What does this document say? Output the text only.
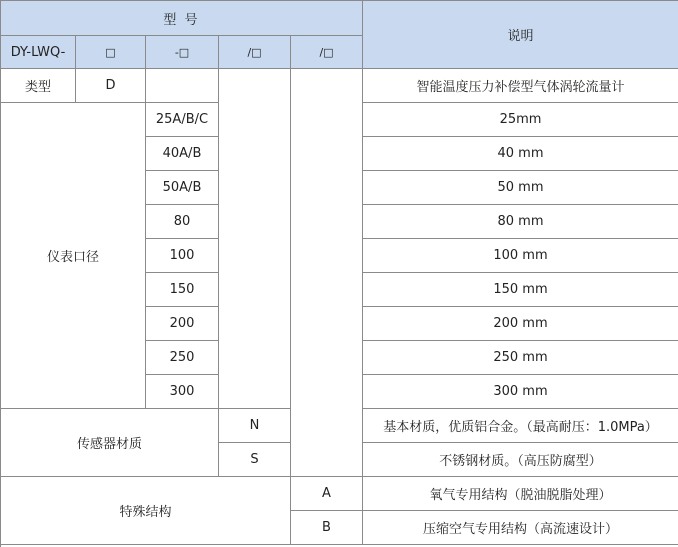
型 号
说明
DY-LWQ-	□	-□	/□	/□
类型	D	智能温度压力补偿型气体涡轮流量计
仪表口径
25A/B/C	25mm
40A/B	40 mm
50A/B	50 mm
80	80 mm
100	100 mm
150	150 mm
200	200 mm
250	250 mm
300	300 mm
传感器材质
N	基本材质，优质铝合金。（最高耐压：1.0MPa）
S	不锈钢材质。（高压防腐型）
特殊结构
A	氧气专用结构（脱油脱脂处理）
B	压缩空气专用结构（高流速设计）
